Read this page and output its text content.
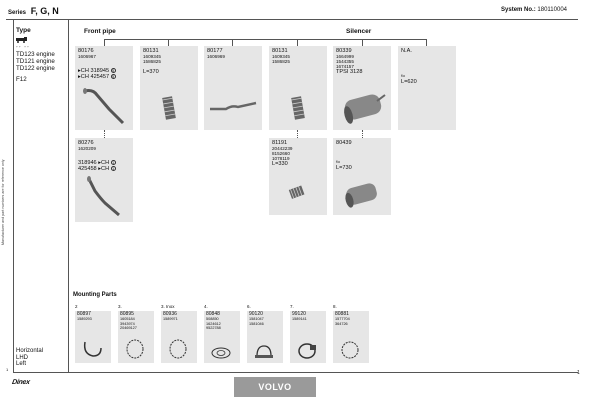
Series F, G, N	System No.: 180110004
Manufacturer and part numbers are for reference only
Type
◦ ◦ ◦ ◦
TD123 engine
TD121 engine
TD122 engine
F12
Front pipe	Silencer
80176
1606967
▸CH 318945 5
▸CH 425457 5
80131
1609345
1586825
L=370
80177
1606969
80131
1609345
1586825
80339
1664999
1544355
1674157
TPSI 3128
N.A.
f/o
L=620
80276
1620209
318946 ▸CH 1
425458 ▸CH 1
81191
20442239
8152660
1078119
L=330
80439
f/o
L=730
Mounting Parts
2
80897
1589293
3.
80895
1605184
3943974
20469127
3. Inox
80936
1589971
4.
80848
508850
1624612
9522788
6.
90120
1581047
1581046
7.
99120
1589141
8.
80881
1577704
364726
Horizontal
LHD
Left
1
Dinex	VOLVO
1
